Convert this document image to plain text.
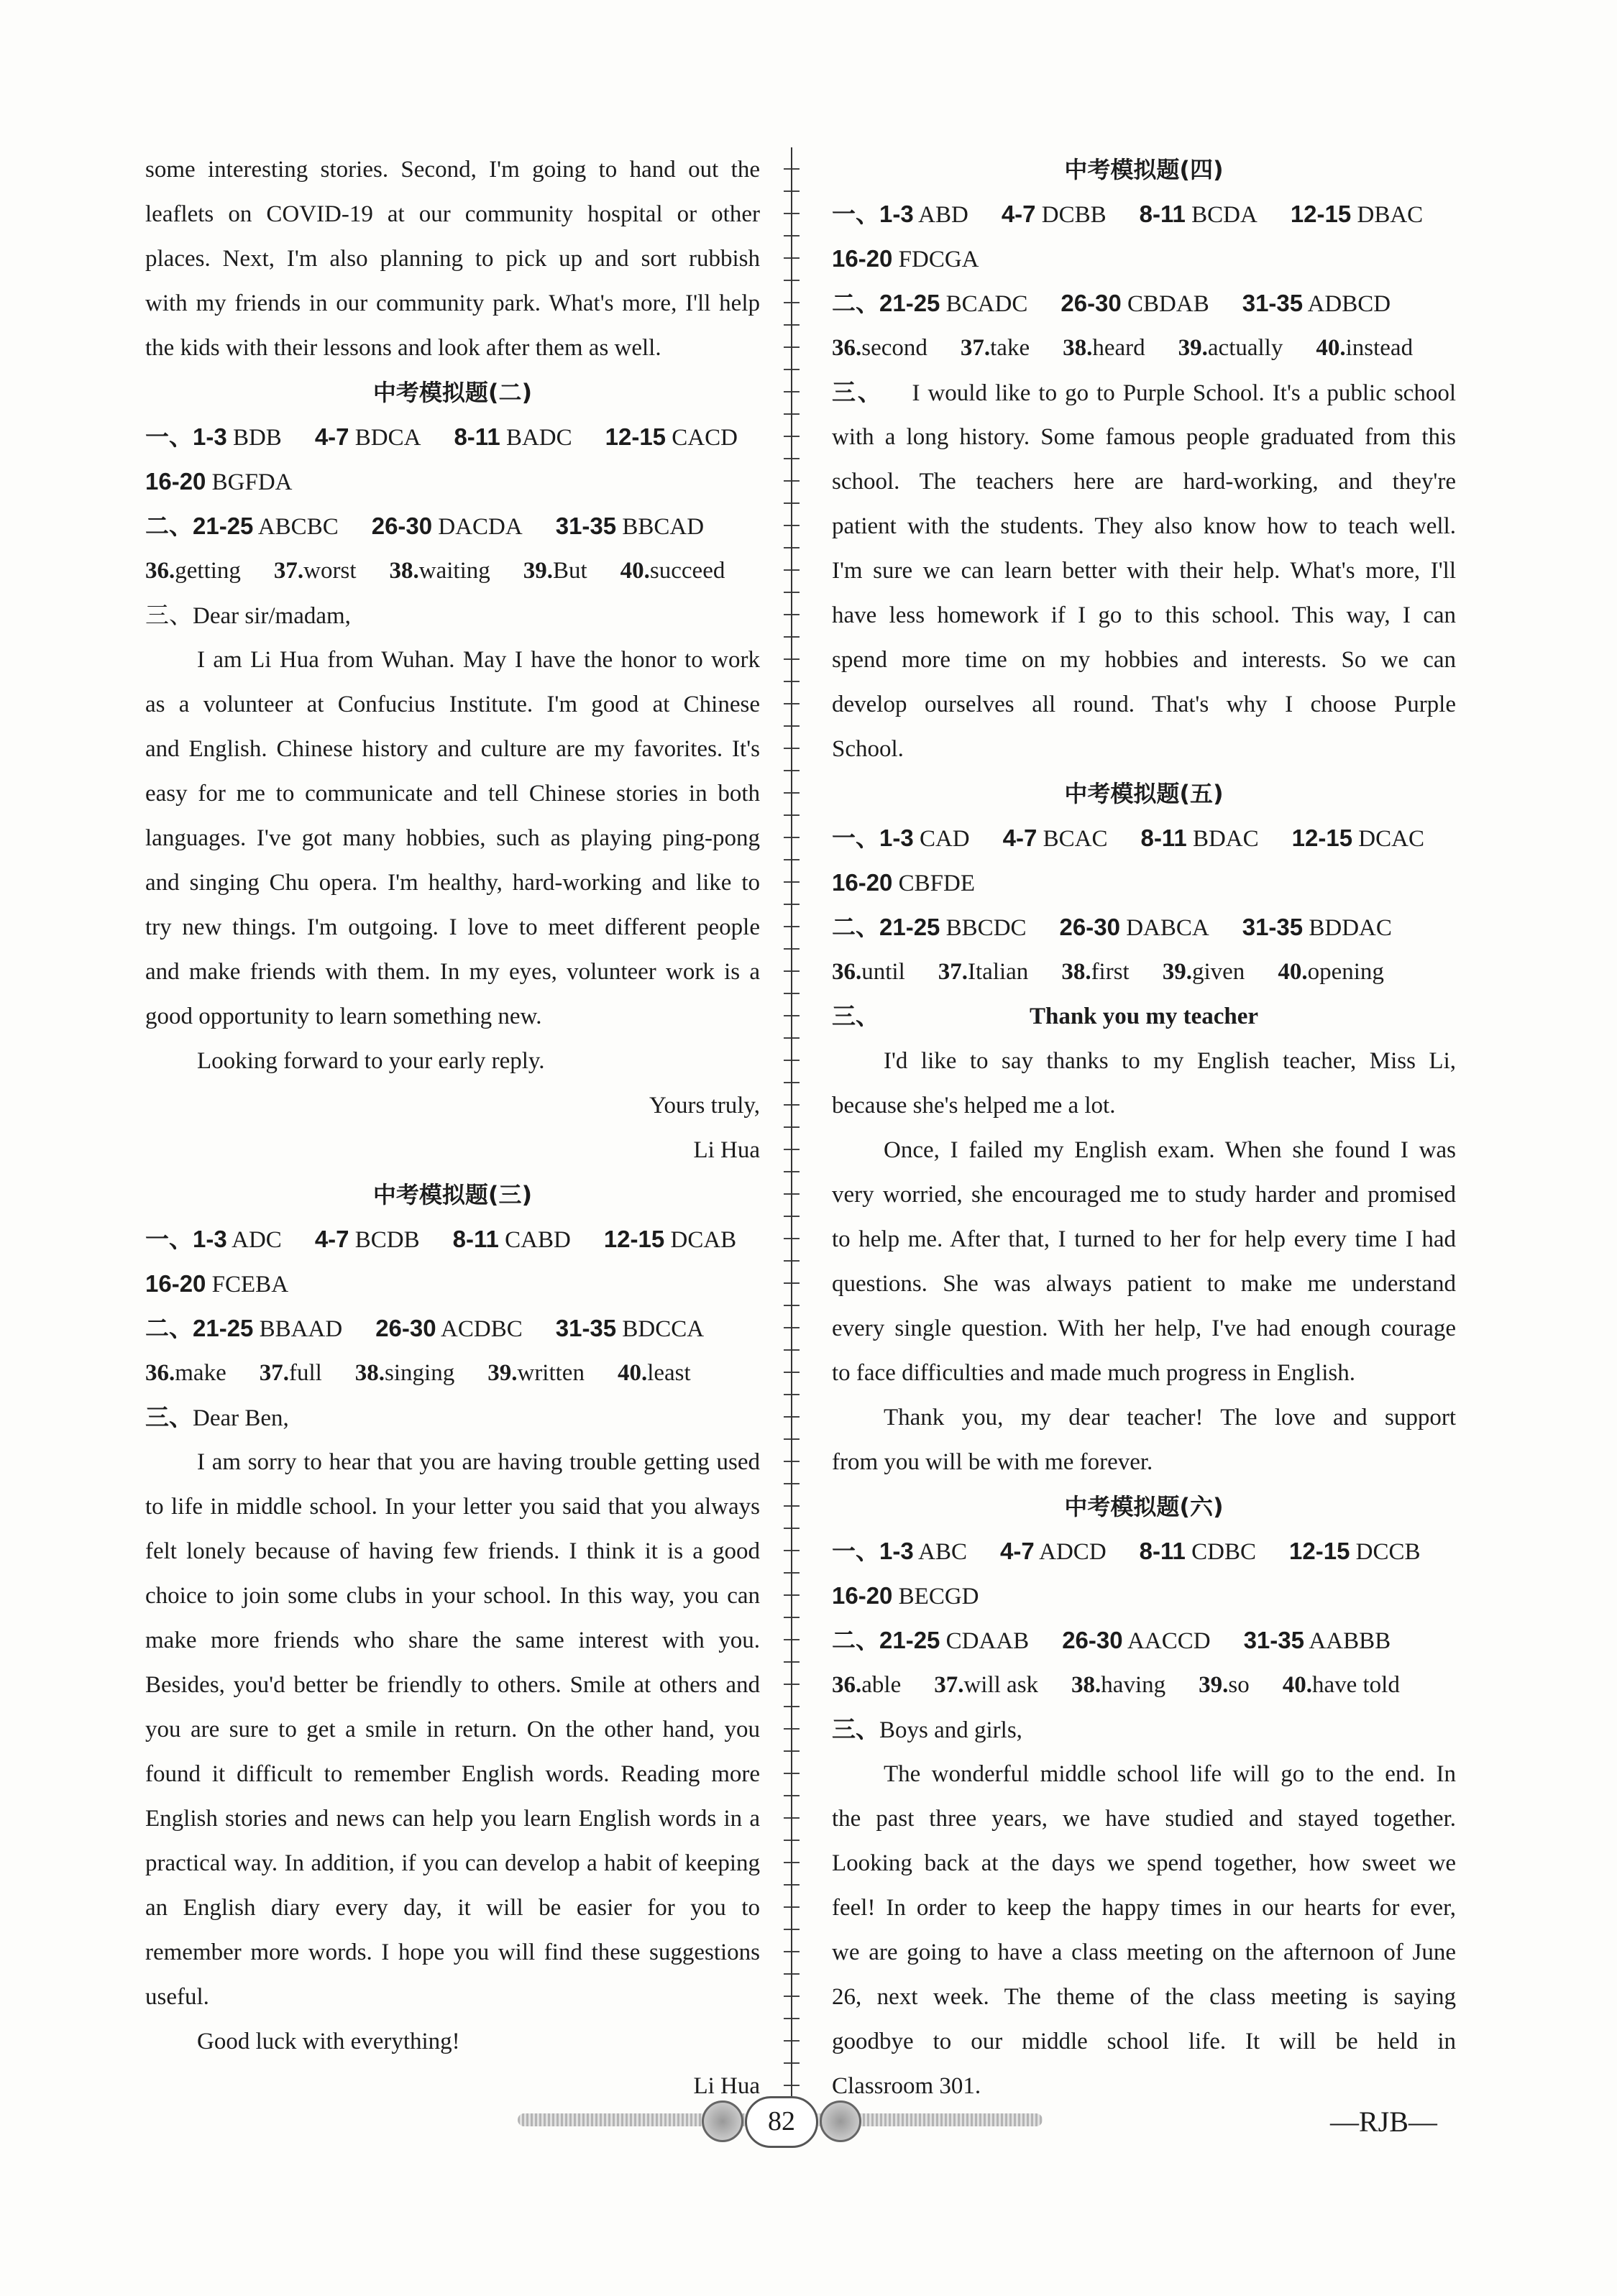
some interesting stories. Second, I'm going to hand out the
leaflets on COVID-19 at our community hospital or other
places. Next, I'm also planning to pick up and sort rubbish
with my friends in our community park. What's more, I'll help
the kids with their lessons and look after them as well.
中考模拟题(二)
一、1-3 BDB 4-7 BDCA 8-11 BADC 12-15 CACD
16-20 BGFDA
二、21-25 ABCBC 26-30 DACDA 31-35 BBCAD
36.getting 37.worst 38.waiting 39.But 40.succeed
三、Dear sir/madam,
I am Li Hua from Wuhan. May I have the honor to work
as a volunteer at Confucius Institute. I'm good at Chinese
and English. Chinese history and culture are my favorites. It's
easy for me to communicate and tell Chinese stories in both
languages. I've got many hobbies, such as playing ping-pong
and singing Chu opera. I'm healthy, hard-working and like to
try new things. I'm outgoing. I love to meet different people
and make friends with them. In my eyes, volunteer work is a
good opportunity to learn something new.
Looking forward to your early reply.
Yours truly,
Li Hua
中考模拟题(三)
一、1-3 ADC 4-7 BCDB 8-11 CABD 12-15 DCAB
16-20 FCEBA
二、21-25 BBAAD 26-30 ACDBC 31-35 BDCCA
36.make 37.full 38.singing 39.written 40.least
三、Dear Ben,
I am sorry to hear that you are having trouble getting used
to life in middle school. In your letter you said that you always
felt lonely because of having few friends. I think it is a good
choice to join some clubs in your school. In this way, you can
make more friends who share the same interest with you.
Besides, you'd better be friendly to others. Smile at others and
you are sure to get a smile in return. On the other hand, you
found it difficult to remember English words. Reading more
English stories and news can help you learn English words in a
practical way. In addition, if you can develop a habit of keeping
an English diary every day, it will be easier for you to
remember more words. I hope you will find these suggestions
useful.
Good luck with everything!
Li Hua
中考模拟题(四)
一、1-3 ABD 4-7 DCBB 8-11 BCDA 12-15 DBAC
16-20 FDCGA
二、21-25 BCADC 26-30 CBDAB 31-35 ADBCD
36.second 37.take 38.heard 39.actually 40.instead
三、 I would like to go to Purple School. It's a public school
with a long history. Some famous people graduated from this
school. The teachers here are hard-working, and they're
patient with the students. They also know how to teach well.
I'm sure we can learn better with their help. What's more, I'll
have less homework if I go to this school. This way, I can
spend more time on my hobbies and interests. So we can
develop ourselves all round. That's why I choose Purple
School.
中考模拟题(五)
一、1-3 CAD 4-7 BCAC 8-11 BDAC 12-15 DCAC
16-20 CBFDE
二、21-25 BBCDC 26-30 DABCA 31-35 BDDAC
36.until 37.Italian 38.first 39.given 40.opening
三、	Thank you my teacher
I'd like to say thanks to my English teacher, Miss Li,
because she's helped me a lot.
Once, I failed my English exam. When she found I was
very worried, she encouraged me to study harder and promised
to help me. After that, I turned to her for help every time I had
questions. She was always patient to make me understand
every single question. With her help, I've had enough courage
to face difficulties and made much progress in English.
Thank you, my dear teacher! The love and support
from you will be with me forever.
中考模拟题(六)
一、1-3 ABC 4-7 ADCD 8-11 CDBC 12-15 DCCB
16-20 BECGD
二、21-25 CDAAB 26-30 AACCD 31-35 AABBB
36.able 37.will ask 38.having 39.so 40.have told
三、Boys and girls,
The wonderful middle school life will go to the end. In
the past three years, we have studied and stayed together.
Looking back at the days we spend together, how sweet we
feel! In order to keep the happy times in our hearts for ever,
we are going to have a class meeting on the afternoon of June
26, next week. The theme of the class meeting is saying
goodbye to our middle school life. It will be held in
Classroom 301.
82	—RJB—
